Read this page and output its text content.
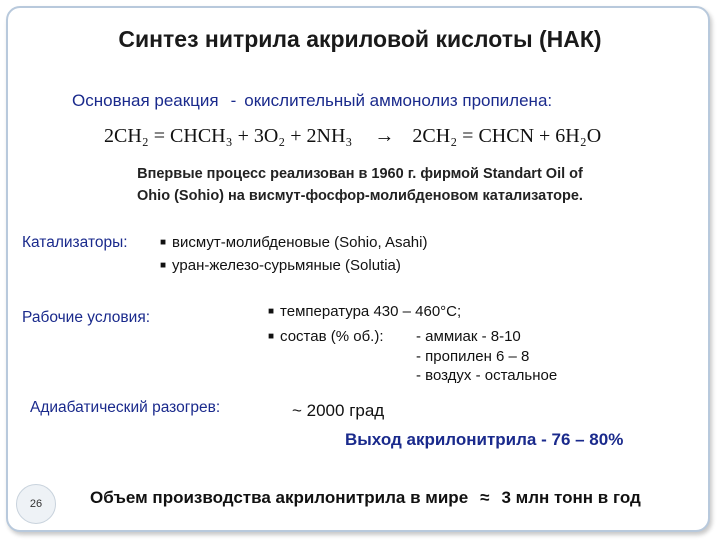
Синтез нитрила акриловой кислоты (НАК)
Основная реакция - окислительный аммонолиз пропилена:
2CH₂ = CHCH₃ + 3O₂ + 2NH₃ → 2CH₂ = CHCN + 6H₂O
Впервые процесс реализован в 1960 г. фирмой Standart Oil of
Ohio (Sohio) на висмут-фосфор-молибденовом катализаторе.
Катализаторы:	■ висмут-молибденовые (Sohio, Asahi)
■ уран-железо-сурьмяные (Solutia)
Рабочие условия:	■ температура 430 – 460°С;
■ состав (% об.): - аммиак - 8-10
- пропилен 6 – 8
- воздух - остальное
Адиабатический разогрев:	~ 2000 град
Выход акрилонитрила - 76 – 80%
Объем производства акрилонитрила в мире ≈ 3 млн тонн в год
26
